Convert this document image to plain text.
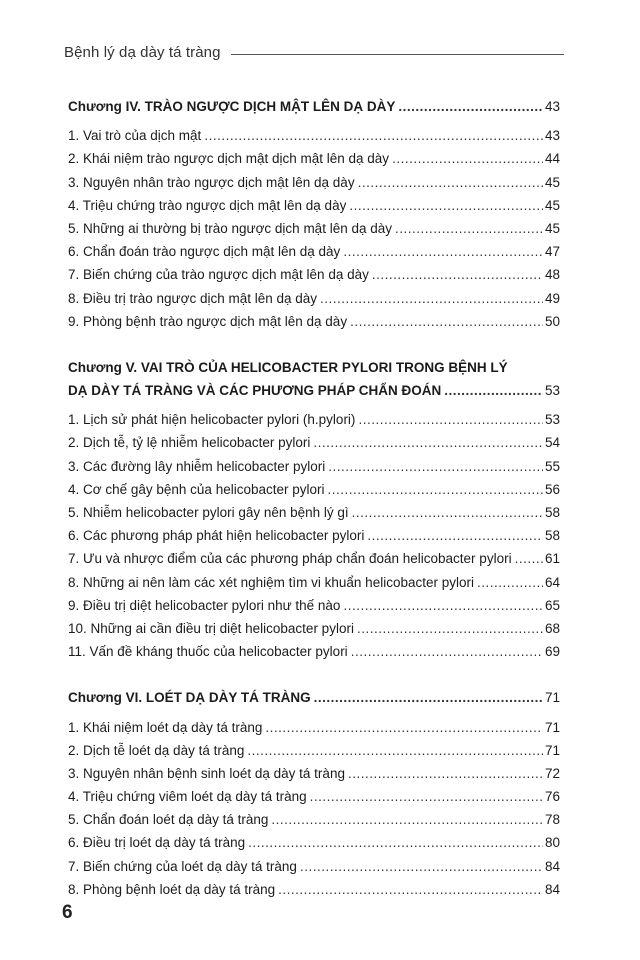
Bệnh lý dạ dày tá tràng
Chương IV. TRÀO NGƯỢC DỊCH MẬT LÊN DẠ DÀY .....	43
1. Vai trò của dịch mật .....	43
2. Khái niệm trào ngược dịch mật dịch mật lên dạ dày .....	44
3. Nguyên nhân trào ngược dịch mật lên dạ dày .....	45
4. Triệu chứng trào ngược dịch mật lên dạ dày .....	45
5. Những ai thường bị trào ngược dịch mật lên dạ dày .....	45
6. Chẩn đoán trào ngược dịch mật lên dạ dày .....	47
7. Biến chứng của trào ngược dịch mật lên dạ dày .....	48
8. Điều trị trào ngược dịch mật lên dạ dày .....	49
9. Phòng bệnh trào ngược dịch mật lên dạ dày .....	50
Chương V. VAI TRÒ CỦA HELICOBACTER PYLORI TRONG BỆNH LÝ
DẠ DÀY TÁ TRÀNG VÀ CÁC PHƯƠNG PHÁP CHẨN ĐOÁN .....	53
1. Lịch sử phát hiện helicobacter pylori (h.pylori) .....	53
2. Dịch tễ, tỷ lệ nhiễm helicobacter pylori .....	54
3. Các đường lây nhiễm helicobacter pylori .....	55
4. Cơ chế gây bệnh của helicobacter pylori .....	56
5. Nhiễm helicobacter pylori gây nên bệnh lý gì .....	58
6. Các phương pháp phát hiện helicobacter pylori .....	58
7. Ưu và nhược điểm của các phương pháp chẩn đoán helicobacter pylori ..... 61
8. Những ai nên làm các xét nghiệm tìm vi khuẩn helicobacter pylori .....	64
9. Điều trị diệt helicobacter pylori như thế nào .....	65
10. Những ai cần điều trị diệt helicobacter pylori .....	68
11. Vấn đề kháng thuốc của helicobacter pylori .....	69
Chương VI. LOÉT DẠ DÀY TÁ TRÀNG .....	71
1. Khái niệm loét dạ dày tá tràng .....	71
2. Dịch tễ loét dạ dày tá tràng .....	71
3. Nguyên nhân bệnh sinh loét dạ dày tá tràng .....	72
4. Triệu chứng viêm loét dạ dày tá tràng .....	76
5. Chẩn đoán loét dạ dày tá tràng .....	78
6. Điều trị loét dạ dày tá tràng .....	80
7. Biến chứng của loét dạ dày tá tràng .....	84
8. Phòng bệnh loét dạ dày tá tràng .....	84
6
